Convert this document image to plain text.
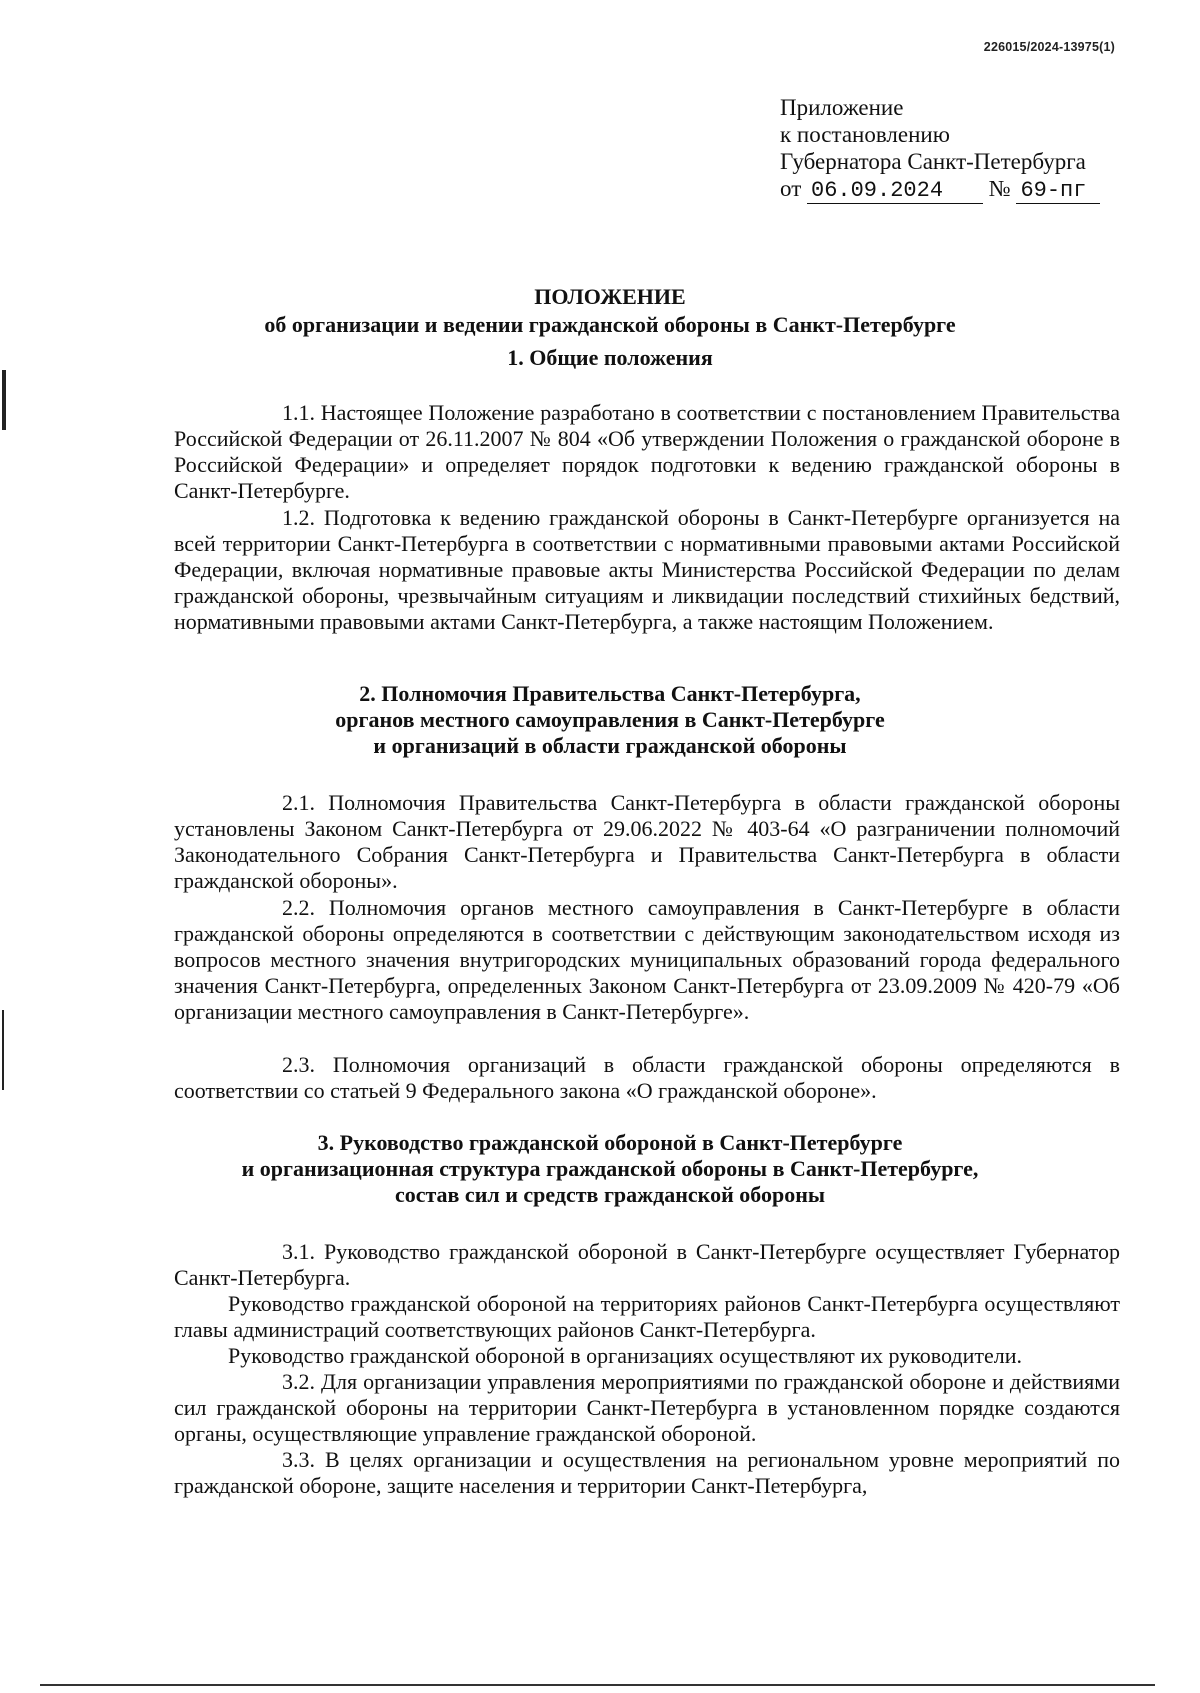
226015/2024-13975(1)
Приложение
к постановлению
Губернатора Санкт-Петербурга
от 06.09.2024 № 69-пг
ПОЛОЖЕНИЕ
об организации и ведении гражданской обороны в Санкт-Петербурге
1. Общие положения
1.1. Настоящее Положение разработано в соответствии с постановлением Правительства Российской Федерации от 26.11.2007 № 804 «Об утверждении Положения о гражданской обороне в Российской Федерации» и определяет порядок подготовки к ведению гражданской обороны в Санкт-Петербурге.
1.2. Подготовка к ведению гражданской обороны в Санкт-Петербурге организуется на всей территории Санкт-Петербурга в соответствии с нормативными правовыми актами Российской Федерации, включая нормативные правовые акты Министерства Российской Федерации по делам гражданской обороны, чрезвычайным ситуациям и ликвидации последствий стихийных бедствий, нормативными правовыми актами Санкт-Петербурга, а также настоящим Положением.
2. Полномочия Правительства Санкт-Петербурга,
органов местного самоуправления в Санкт-Петербурге
и организаций в области гражданской обороны
2.1. Полномочия Правительства Санкт-Петербурга в области гражданской обороны установлены Законом Санкт-Петербурга от 29.06.2022 № 403-64 «О разграничении полномочий Законодательного Собрания Санкт-Петербурга и Правительства Санкт-Петербурга в области гражданской обороны».
2.2. Полномочия органов местного самоуправления в Санкт-Петербурге в области гражданской обороны определяются в соответствии с действующим законодательством исходя из вопросов местного значения внутригородских муниципальных образований города федерального значения Санкт-Петербурга, определенных Законом Санкт-Петербурга от 23.09.2009 № 420-79 «Об организации местного самоуправления в Санкт-Петербурге».
2.3. Полномочия организаций в области гражданской обороны определяются в соответствии со статьей 9 Федерального закона «О гражданской обороне».
3. Руководство гражданской обороной в Санкт-Петербурге
и организационная структура гражданской обороны в Санкт-Петербурге,
состав сил и средств гражданской обороны
3.1. Руководство гражданской обороной в Санкт-Петербурге осуществляет Губернатор Санкт-Петербурга.
Руководство гражданской обороной на территориях районов Санкт-Петербурга осуществляют главы администраций соответствующих районов Санкт-Петербурга.
Руководство гражданской обороной в организациях осуществляют их руководители.
3.2. Для организации управления мероприятиями по гражданской обороне и действиями сил гражданской обороны на территории Санкт-Петербурга в установленном порядке создаются органы, осуществляющие управление гражданской обороной.
3.3. В целях организации и осуществления на региональном уровне мероприятий по гражданской обороне, защите населения и территории Санкт-Петербурга,
